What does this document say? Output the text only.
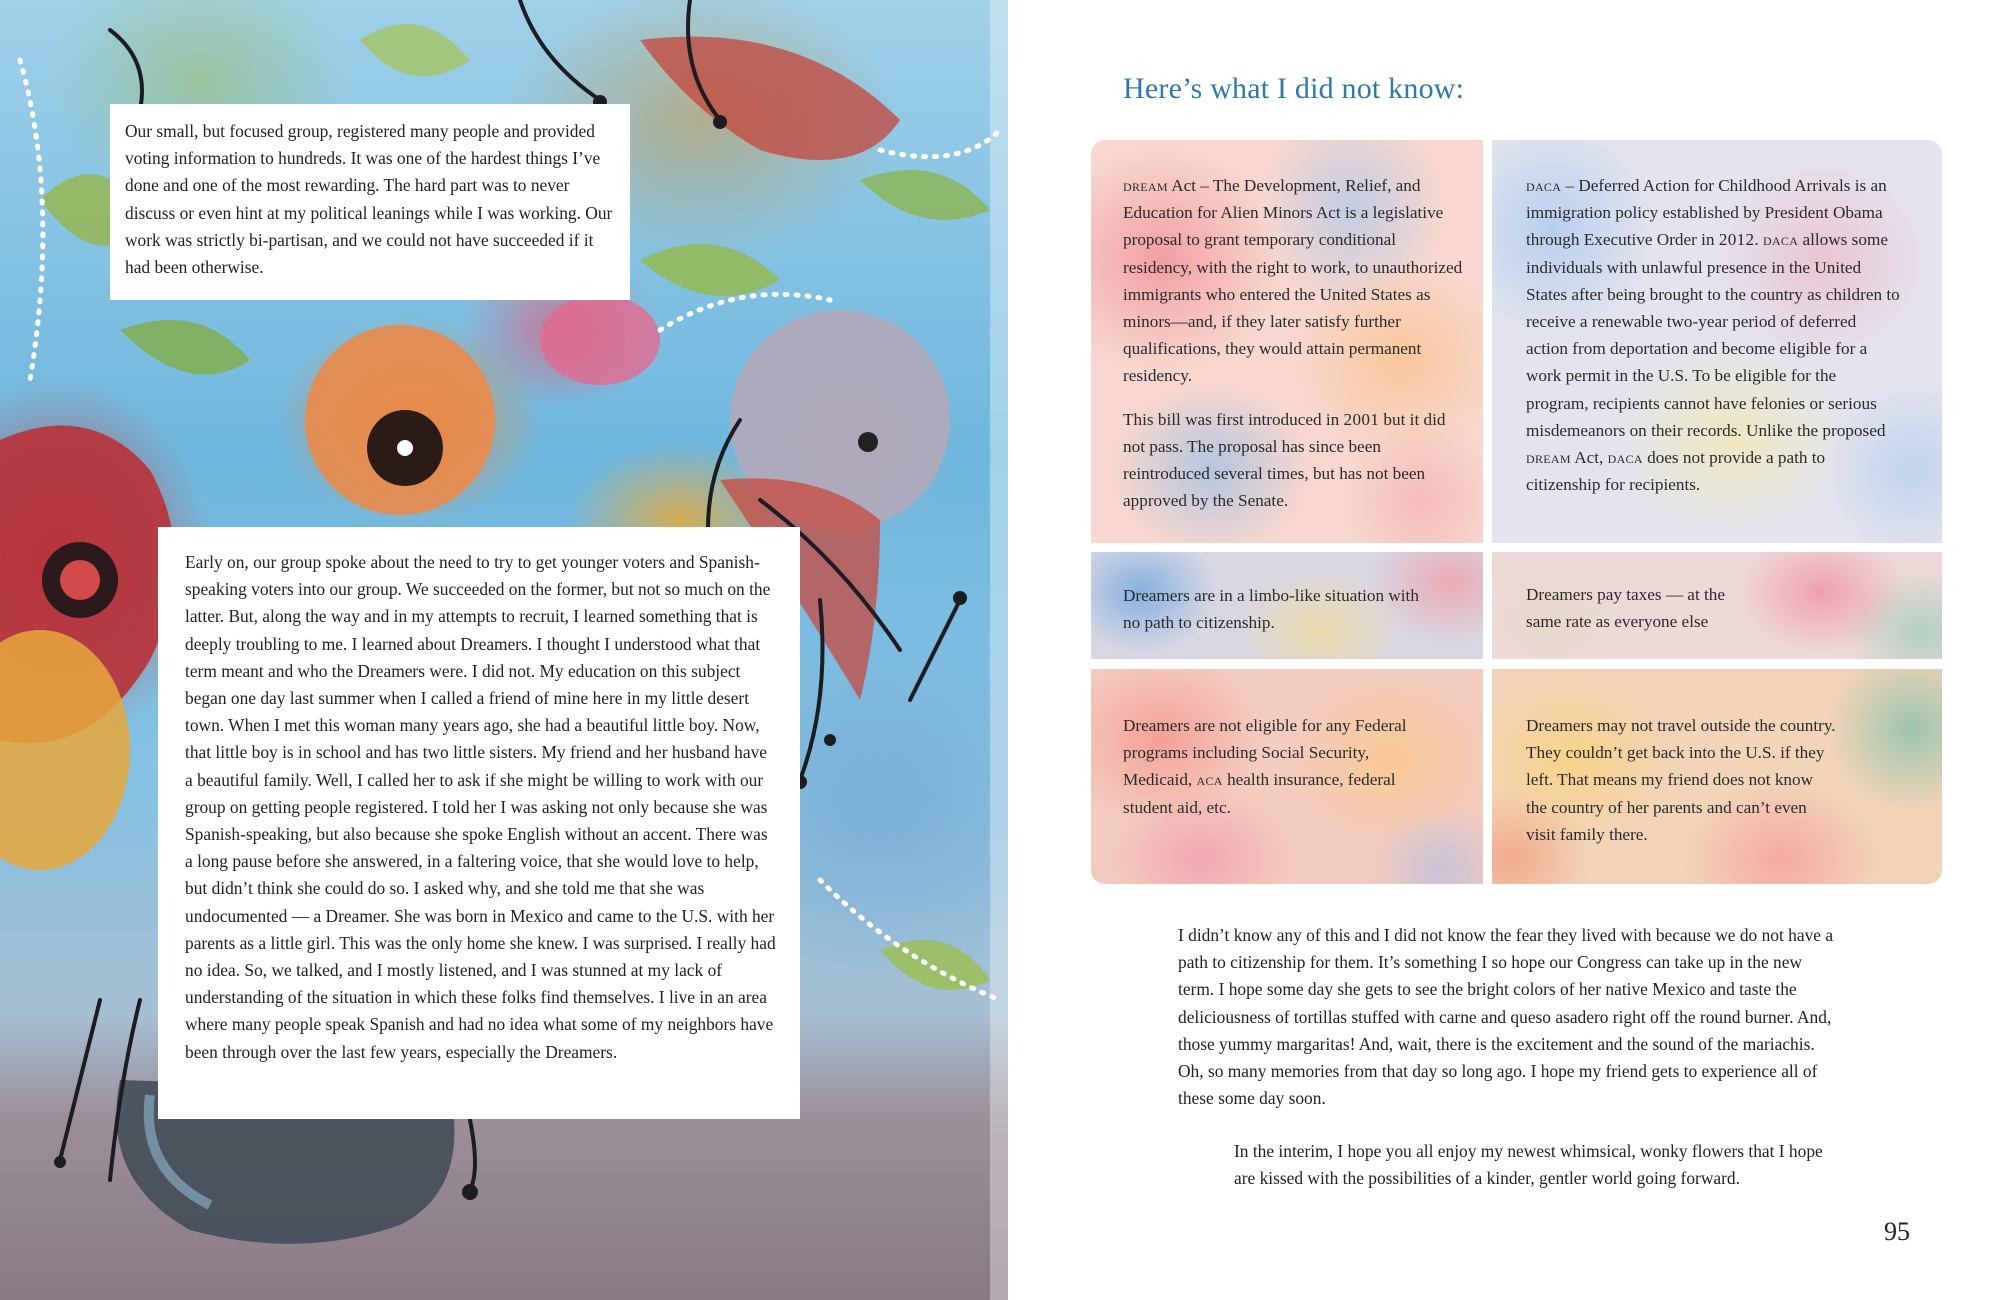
Our small, but focused group, registered many people and provided voting information to hundreds. It was one of the hardest things I’ve done and one of the most rewarding. The hard part was to never discuss or even hint at my political leanings while I was working. Our work was strictly bi-partisan, and we could not have succeeded if it had been otherwise.

Early on, our group spoke about the need to try to get younger voters and Spanish-speaking voters into our group. We succeeded on the former, but not so much on the latter. But, along the way and in my attempts to recruit, I learned something that is deeply troubling to me. I learned about Dreamers. I thought I understood what that term meant and who the Dreamers were. I did not. My education on this subject began one day last summer when I called a friend of mine here in my little desert town. When I met this woman many years ago, she had a beautiful little boy. Now, that little boy is in school and has two little sisters. My friend and her husband have a beautiful family. Well, I called her to ask if she might be willing to work with our group on getting people registered. I told her I was asking not only because she was Spanish-speaking, but also because she spoke English without an accent. There was a long pause before she answered, in a faltering voice, that she would love to help, but didn’t think she could do so. I asked why, and she told me that she was undocumented — a Dreamer. She was born in Mexico and came to the U.S. with her parents as a little girl. This was the only home she knew. I was surprised. I really had no idea. So, we talked, and I mostly listened, and I was stunned at my lack of understanding of the situation in which these folks find themselves. I live in an area where many people speak Spanish and had no idea what some of my neighbors have been through over the last few years, especially the Dreamers.

Here’s what I did not know:

dream Act – The Development, Relief, and Education for Alien Minors Act is a legislative proposal to grant temporary conditional residency, with the right to work, to unauthorized immigrants who entered the United States as minors—and, if they later satisfy further qualifications, they would attain permanent residency.

This bill was first introduced in 2001 but it did not pass. The proposal has since been reintroduced several times, but has not been approved by the Senate.

daca – Deferred Action for Childhood Arrivals is an immigration policy established by President Obama through Executive Order in 2012. daca allows some individuals with unlawful presence in the United States after being brought to the country as children to receive a renewable two-year period of deferred action from deportation and become eligible for a work permit in the U.S. To be eligible for the program, recipients cannot have felonies or serious misdemeanors on their records. Unlike the proposed dream Act, daca does not provide a path to citizenship for recipients.

Dreamers are in a limbo-like situation with no path to citizenship.

Dreamers pay taxes — at the same rate as everyone else

Dreamers are not eligible for any Federal programs including Social Security, Medicaid, aca health insurance, federal student aid, etc.

Dreamers may not travel outside the country. They couldn’t get back into the U.S. if they left. That means my friend does not know the country of her parents and can’t even visit family there.

I didn’t know any of this and I did not know the fear they lived with because we do not have a path to citizenship for them. It’s something I so hope our Congress can take up in the new term. I hope some day she gets to see the bright colors of her native Mexico and taste the deliciousness of tortillas stuffed with carne and queso asadero right off the round burner. And, those yummy margaritas! And, wait, there is the excitement and the sound of the mariachis. Oh, so many memories from that day so long ago. I hope my friend gets to experience all of these some day soon.

In the interim, I hope you all enjoy my newest whimsical, wonky flowers that I hope are kissed with the possibilities of a kinder, gentler world going forward.

95
